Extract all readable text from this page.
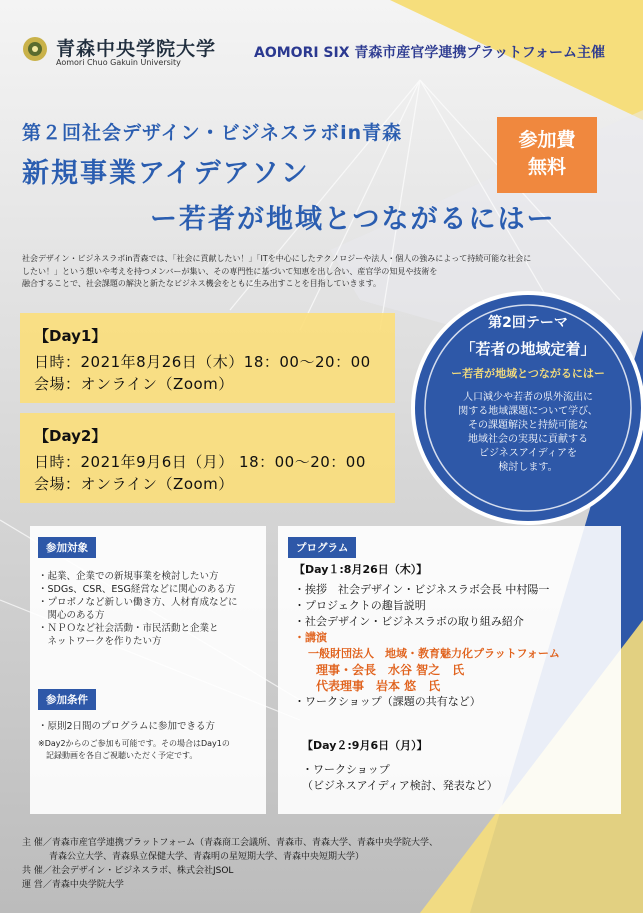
青森中央学院大学
Aomori Chuo Gakuin University
AOMORI SIX 青森市産官学連携プラットフォーム主催
第２回社会デザイン・ビジネスラボin青森
新規事業アイデアソン
ー若者が地域とつながるにはー
参加費
無料
社会デザイン・ビジネスラボin青森では、「社会に貢献したい！」「ITを中心にしたテクノロジーや法人・個人の強みによって持続可能な社会に
したい！」という想いや考えを持つメンバーが集い、その専門性に基づいて知恵を出し合い、産官学の知見や技術を
融合することで、社会課題の解決と新たなビジネス機会をともに生み出すことを目指していきます。
【Day1】
日時：2021年8月26日（木）18：00〜20：00
会場：オンライン（Zoom）
【Day2】
日時：2021年9月6日（月） 18：00〜20：00
会場：オンライン（Zoom）
第2回テーマ
「若者の地域定着」
ー若者が地域とつながるにはー
人口減少や若者の県外流出に
関する地域課題について学び、
その課題解決と持続可能な
地域社会の実現に貢献する
ビジネスアイディアを
検討します。
参加対象
・起業、企業での新規事業を検討したい方
・SDGs、CSR、ESG経営などに関心のある方
・プロボノなど新しい働き方、人材育成などに
　関心のある方
・ＮＰＯなど社会活動・市民活動と企業と
　ネットワークを作りたい方
参加条件
・原則2日間のプログラムに参加できる方
※Day2からのご参加も可能です。その場合はDay1の
　記録動画を各自ご視聴いただく予定です。
プログラム
【Day１:8月26日（木）】
・挨拶　社会デザイン・ビジネスラボ会長 中村陽一
・プロジェクトの趣旨説明
・社会デザイン・ビジネスラボの取り組み紹介
・講演
一般財団法人　地域・教育魅力化プラットフォーム
理事・会長　水谷 智之　氏
代表理事　岩本 悠　氏
・ワークショップ（課題の共有など）
【Day２:9月6日（月）】
・ワークショップ
（ビジネスアイディア検討、発表など）
主 催／青森市産官学連携プラットフォーム（青森商工会議所、青森市、青森大学、青森中央学院大学、
　　　青森公立大学、青森県立保健大学、青森明の星短期大学、青森中央短期大学）
共 催／社会デザイン・ビジネスラボ、株式会社JSOL
運 営／青森中央学院大学
